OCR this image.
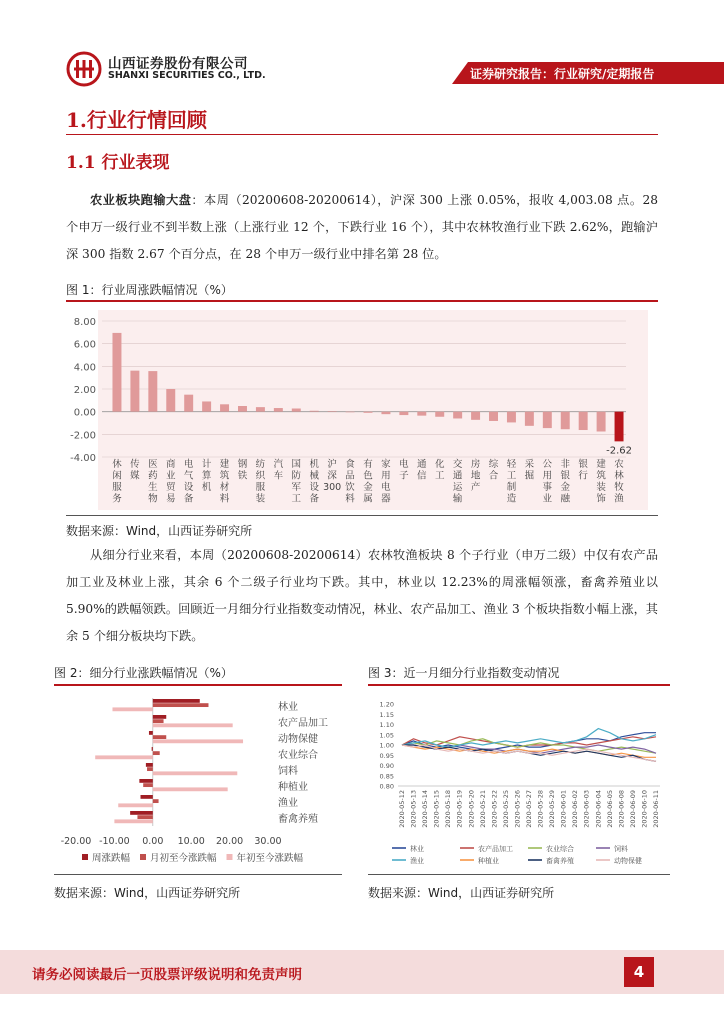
山西证券股份有限公司
SHANXI SECURITIES CO., LTD.	证券研究报告：行业研究/定期报告
1.行业行情回顾
1.1 行业表现
农业板块跑输大盘：本周（20200608-20200614），沪深 300 上涨 0.05%，报收 4,003.08 点。28 个申万一级行业不到半数上涨（上涨行业 12 个，下跌行业 16 个），其中农林牧渔行业下跌 2.62%，跑输沪深 300 指数 2.67 个百分点，在 28 个申万一级行业中排名第 28 位。
图 1：行业周涨跌幅情况（%）
8.00
6.00
4.00
2.00
0.00
-2.00
-4.00
-2.62
休闲服务
传媒
医药生物
商业贸易
电气设备
计算机
建筑材料
钢铁
纺织服装
汽车
国防军工
机械设备
沪深 300
食品饮料
有色金属
家用电器
电子
通信
化工
交通运输
房地产
综合
轻工制造
采掘
公用事业
非银金融
银行
建筑装饰
农林牧渔
数据来源：Wind，山西证券研究所
从细分行业来看，本周（20200608-20200614）农林牧渔板块 8 个子行业（申万二级）中仅有农产品加工业及林业上涨，其余 6 个二级子行业均下跌。其中，林业以 12.23%的周涨幅领涨，畜禽养殖业以 5.90%的跌幅领跌。回顾近一月细分行业指数变动情况，林业、农产品加工、渔业 3 个板块指数小幅上涨，其余 5 个细分板块均下跌。
图 2：细分行业涨跌幅情况（%）
-20.00 -10.00 0.00 10.00 20.00 30.00
林业
农产品加工
动物保健
农业综合
饲料
种植业
渔业
畜禽养殖
周涨跌幅 月初至今涨跌幅 年初至今涨跌幅
数据来源：Wind，山西证券研究所
图 3：近一月细分行业指数变动情况
1.20
1.15
1.10
1.05
1.00
0.95
0.90
0.85
0.80
2020-05-12 2020-05-13 2020-05-14 2020-05-15 2020-05-18 2020-05-19 2020-05-20 2020-05-21 2020-05-22 2020-05-25 2020-05-26 2020-05-27 2020-05-28 2020-05-29 2020-06-01 2020-06-02 2020-06-03 2020-06-04 2020-06-05 2020-06-08 2020-06-09 2020-06-10 2020-06-11
林业	农产品加工	农业综合	饲料
渔业	种植业	畜禽养殖	动物保健
数据来源：Wind，山西证券研究所
请务必阅读最后一页股票评级说明和免责声明	4
